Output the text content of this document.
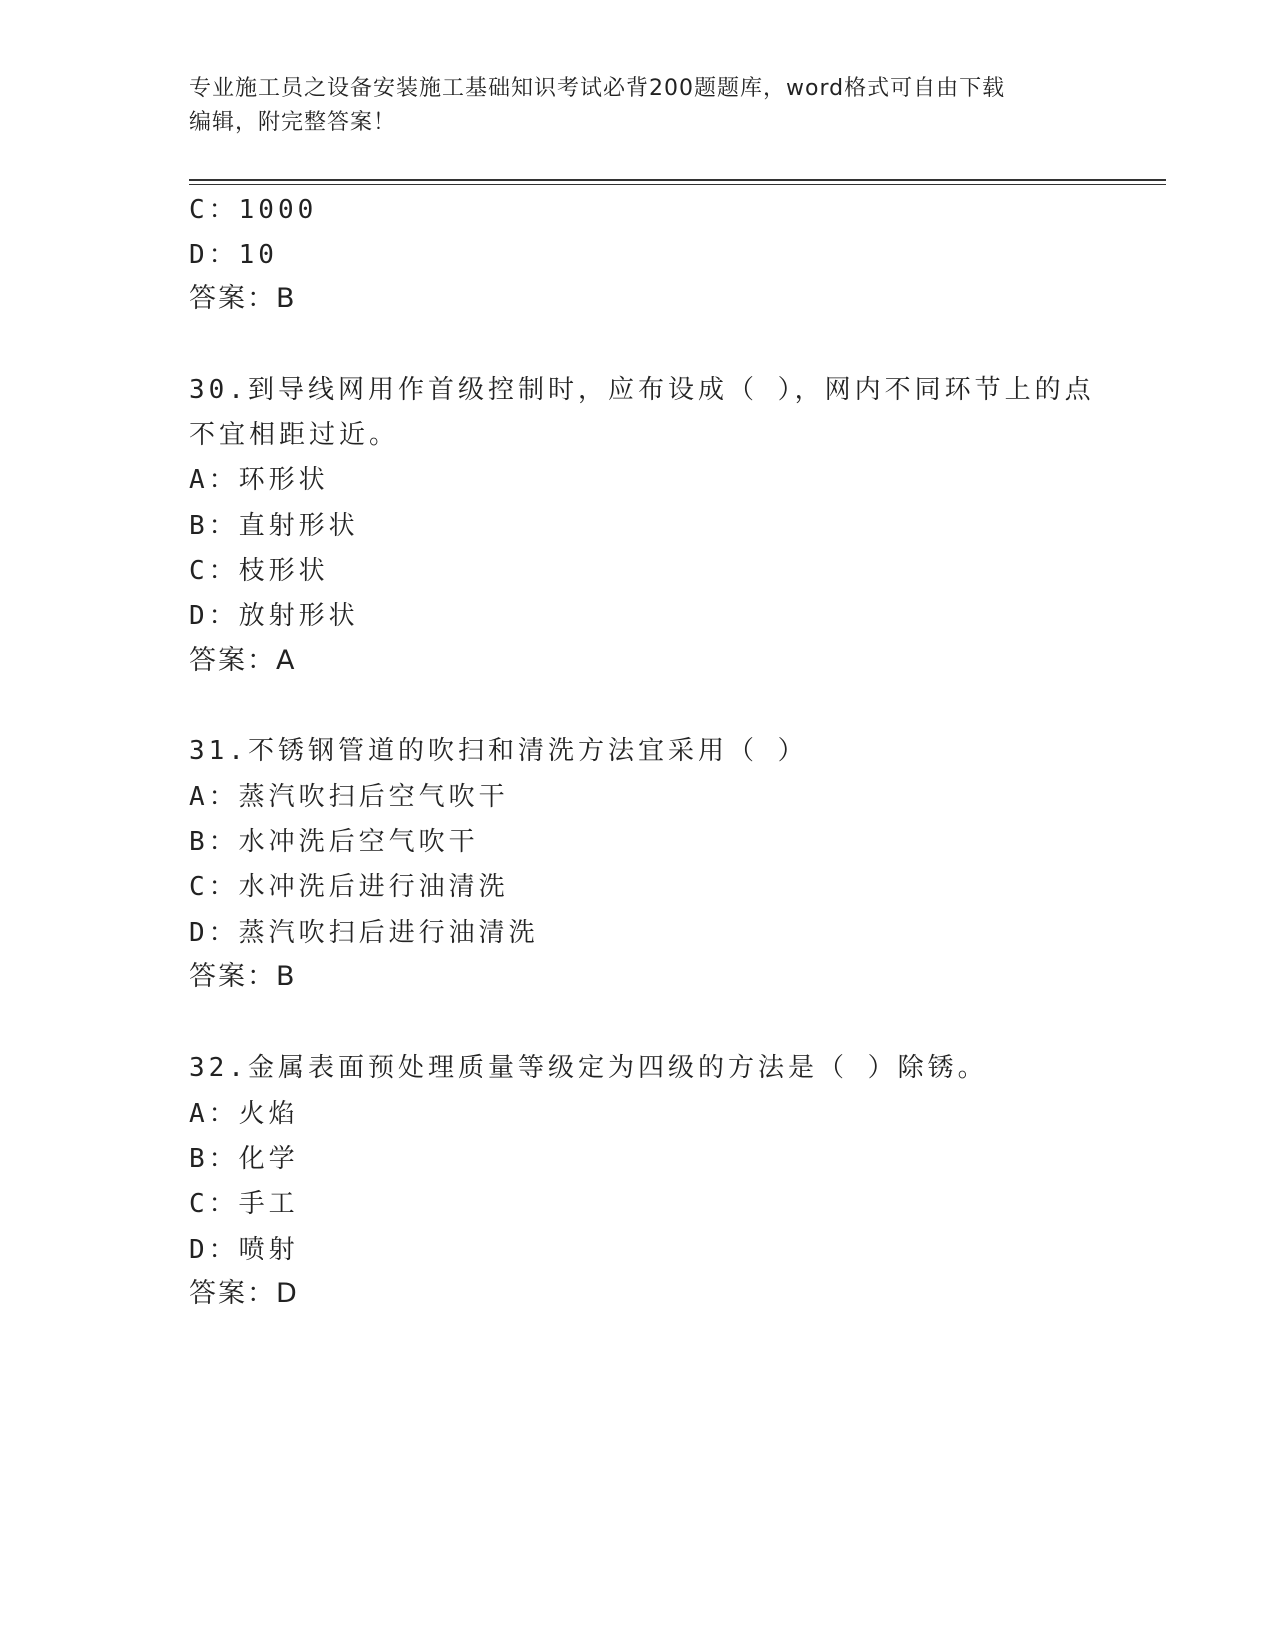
专业施工员之设备安装施工基础知识考试必背200题题库，word格式可自由下载
编辑，附完整答案！
C：1000
D：10
答案：B
30.到导线网用作首级控制时，应布设成（ ），网内不同环节上的点
不宜相距过近。
A：环形状
B：直射形状
C：枝形状
D：放射形状
答案：A
31.不锈钢管道的吹扫和清洗方法宜采用（ ）
A：蒸汽吹扫后空气吹干
B：水冲洗后空气吹干
C：水冲洗后进行油清洗
D：蒸汽吹扫后进行油清洗
答案：B
32.金属表面预处理质量等级定为四级的方法是（ ）除锈。
A：火焰
B：化学
C：手工
D：喷射
答案：D
